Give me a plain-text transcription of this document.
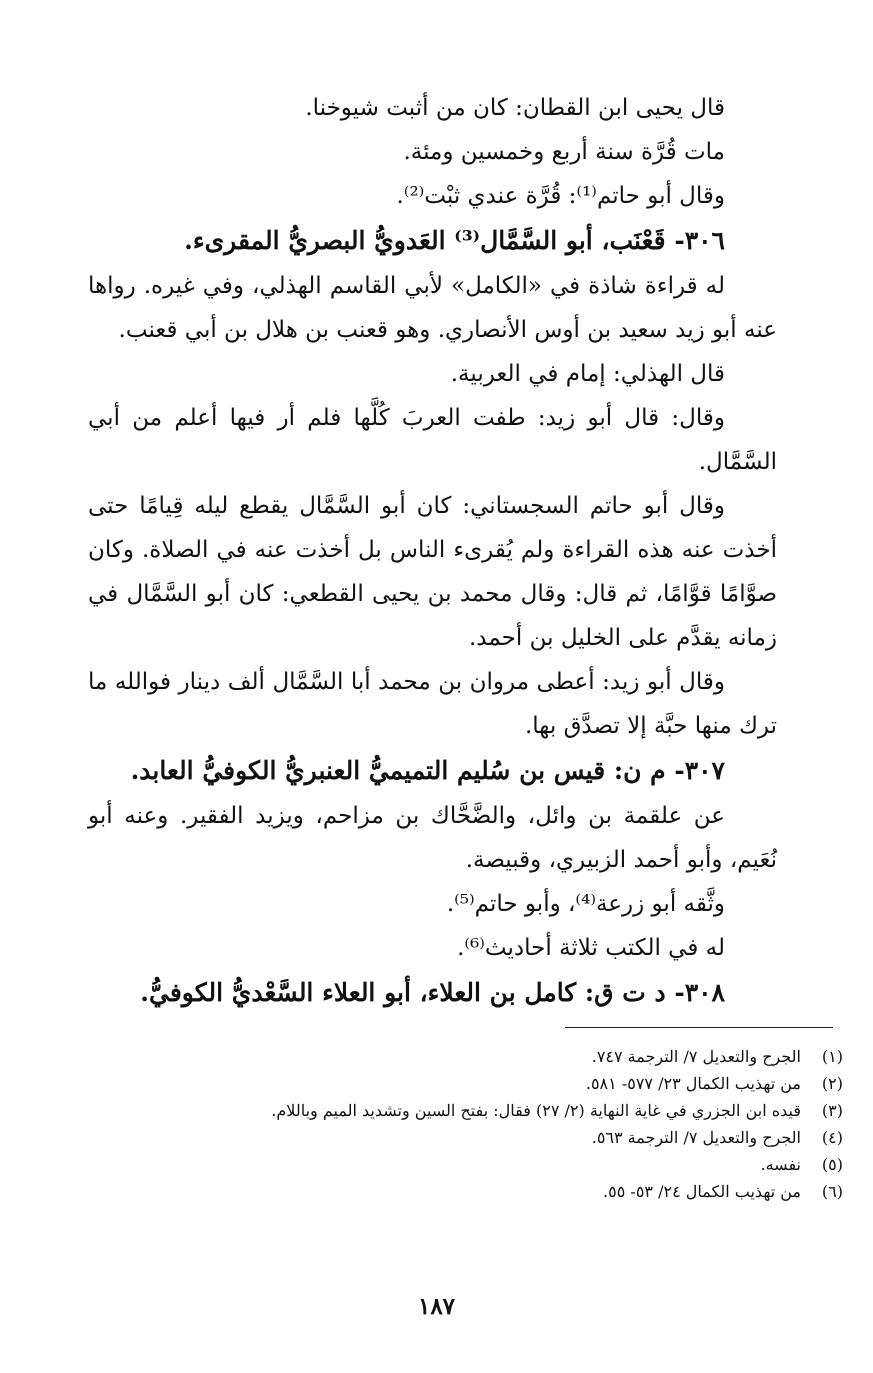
قال يحيى ابن القطان: كان من أثبت شيوخنا.

مات قُرَّة سنة أربع وخمسين ومئة.

وقال أبو حاتم⁽¹⁾: قُرَّة عندي ثبْت⁽²⁾.

٣٠٦- قَعْنَب، أبو السَّمَّال⁽³⁾ العَدويُّ البصريُّ المقرىء.

له قراءة شاذة في «الكامل» لأبي القاسم الهذلي، وفي غيره. رواها عنه أبو زيد سعيد بن أوس الأنصاري. وهو قعنب بن هلال بن أبي قعنب.

قال الهذلي: إمام في العربية.

وقال: قال أبو زيد: طفت العربَ كُلَّها فلم أر فيها أعلم من أبي السَّمَّال.

وقال أبو حاتم السجستاني: كان أبو السَّمَّال يقطع ليله قِيامًا حتى أخذت عنه هذه القراءة ولم يُقرىء الناس بل أخذت عنه في الصلاة. وكان صوَّامًا قوَّامًا، ثم قال: وقال محمد بن يحيى القطعي: كان أبو السَّمَّال في زمانه يقدَّم على الخليل بن أحمد.

وقال أبو زيد: أعطى مروان بن محمد أبا السَّمَّال ألف دينار فوالله ما ترك منها حبَّة إلا تصدَّق بها.

٣٠٧- م ن: قيس بن سُليم التميميُّ العنبريُّ الكوفيُّ العابد.

عن علقمة بن وائل، والضَّحَّاك بن مزاحم، ويزيد الفقير. وعنه أبو نُعَيم، وأبو أحمد الزبيري، وقبيصة.

وثَّقه أبو زرعة⁽⁴⁾، وأبو حاتم⁽⁵⁾.

له في الكتب ثلاثة أحاديث⁽⁶⁾.

٣٠٨- د ت ق: كامل بن العلاء، أبو العلاء السَّعْديُّ الكوفيُّ.

(١)
الجرح والتعديل ٧/ الترجمة ٧٤٧.
(٢)
من تهذيب الكمال ٢٣/ ٥٧٧- ٥٨١.
(٣)
قيده ابن الجزري في غاية النهاية (٢/ ٢٧) فقال: بفتح السين وتشديد الميم وباللام.
(٤)
الجرح والتعديل ٧/ الترجمة ٥٦٣.
(٥)
نفسه.
(٦)
من تهذيب الكمال ٢٤/ ٥٣- ٥٥.
١٨٧
